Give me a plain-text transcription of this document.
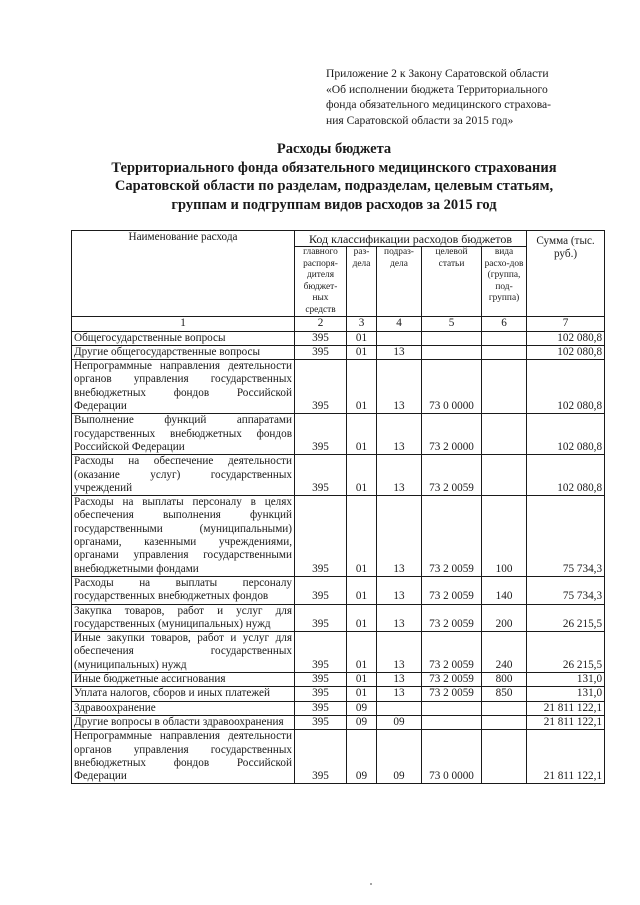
Приложение 2 к Закону Саратовской области
«Об исполнении бюджета Территориального
фонда обязательного медицинского страхова-
ния Саратовской области за 2015 год»
Расходы бюджета
Территориального фонда обязательного медицинского страхования
Саратовской области по разделам, подразделам, целевым статьям,
группам и подгруппам видов расходов за 2015 год
Наименование расхода	Код классификации расходов бюджетов					Сумма (тыс. руб.)
	главного распоря-дителя бюджет-ных средств	раз-дела	подраз-дела	целевой статьи	вида расхо-дов (группа, под-группа)	
1	2	3	4	5	6	7
Общегосударственные вопросы	395	01				102 080,8
Другие общегосударственные вопросы	395	01	13			102 080,8
Непрограммные направления деятельности органов управления государственных внебюджетных фондов Российской Федерации	395	01	13	73 0 0000		102 080,8
Выполнение функций аппаратами государственных внебюджетных фондов Российской Федерации	395	01	13	73 2 0000		102 080,8
Расходы на обеспечение деятельности (оказание услуг) государственных учреждений	395	01	13	73 2 0059		102 080,8
Расходы на выплаты персоналу в целях обеспечения выполнения функций государственными (муниципальными) органами, казенными учреждениями, органами управления государственными внебюджетными фондами	395	01	13	73 2 0059	100	75 734,3
Расходы на выплаты персоналу государственных внебюджетных фондов	395	01	13	73 2 0059	140	75 734,3
Закупка товаров, работ и услуг для государственных (муниципальных) нужд	395	01	13	73 2 0059	200	26 215,5
Иные закупки товаров, работ и услуг для обеспечения государственных (муниципальных) нужд	395	01	13	73 2 0059	240	26 215,5
Иные бюджетные ассигнования	395	01	13	73 2 0059	800	131,0
Уплата налогов, сборов и иных платежей	395	01	13	73 2 0059	850	131,0
Здравоохранение	395	09				21 811 122,1
Другие вопросы в области здравоохранения	395	09	09			21 811 122,1
Непрограммные направления деятельности органов управления государственных внебюджетных фондов Российской Федерации	395	09	09	73 0 0000		21 811 122,1
